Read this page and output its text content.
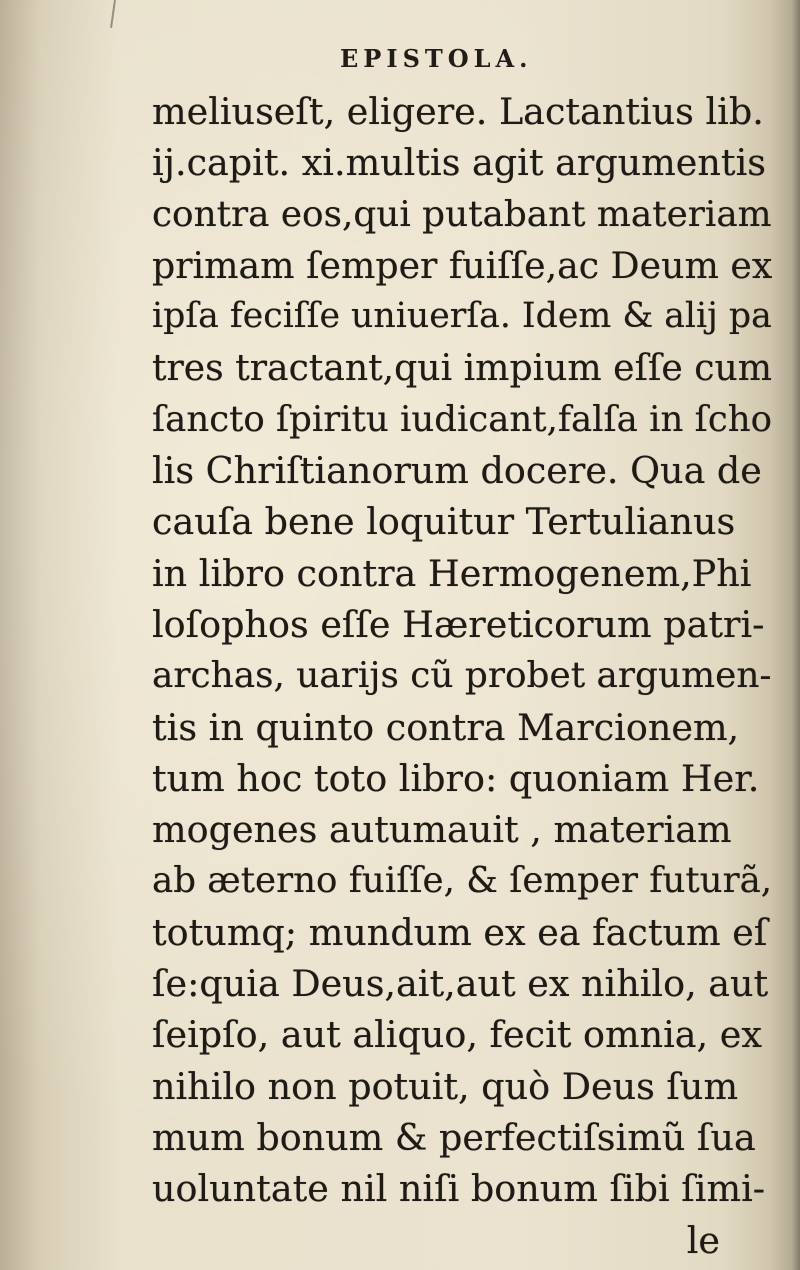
EPISTOLA.
meliuseſt, eligere. Lactantius lib.
ij.capit. xi.multis agit argumentis
contra eos,qui putabant materiam
primam ſemper fuiſſe,ac Deum ex
ipſa feciſſe uniuerſa. Idem & alij pa
tres tractant,qui impium eſſe cum
ſancto ſpiritu iudicant,falſa in ſcho
lis Chriſtianorum docere. Qua de
cauſa bene loquitur Tertulianus
in libro contra Hermogenem,Phi
loſophos eſſe Hæreticorum patri-
archas, uarijs cũ probet argumen-
tis in quinto contra Marcionem,
tum hoc toto libro: quoniam Her.
mogenes autumauit , materiam
ab æterno fuiſſe, & ſemper futurã,
totumq; mundum ex ea factum eſ
ſe:quia Deus,ait,aut ex nihilo, aut
ſeipſo, aut aliquo, fecit omnia, ex
nihilo non potuit, quò Deus ſum
mum bonum & perfectiſsimũ ſua
uoluntate nil niſi bonum ſibi ſimi-
le
